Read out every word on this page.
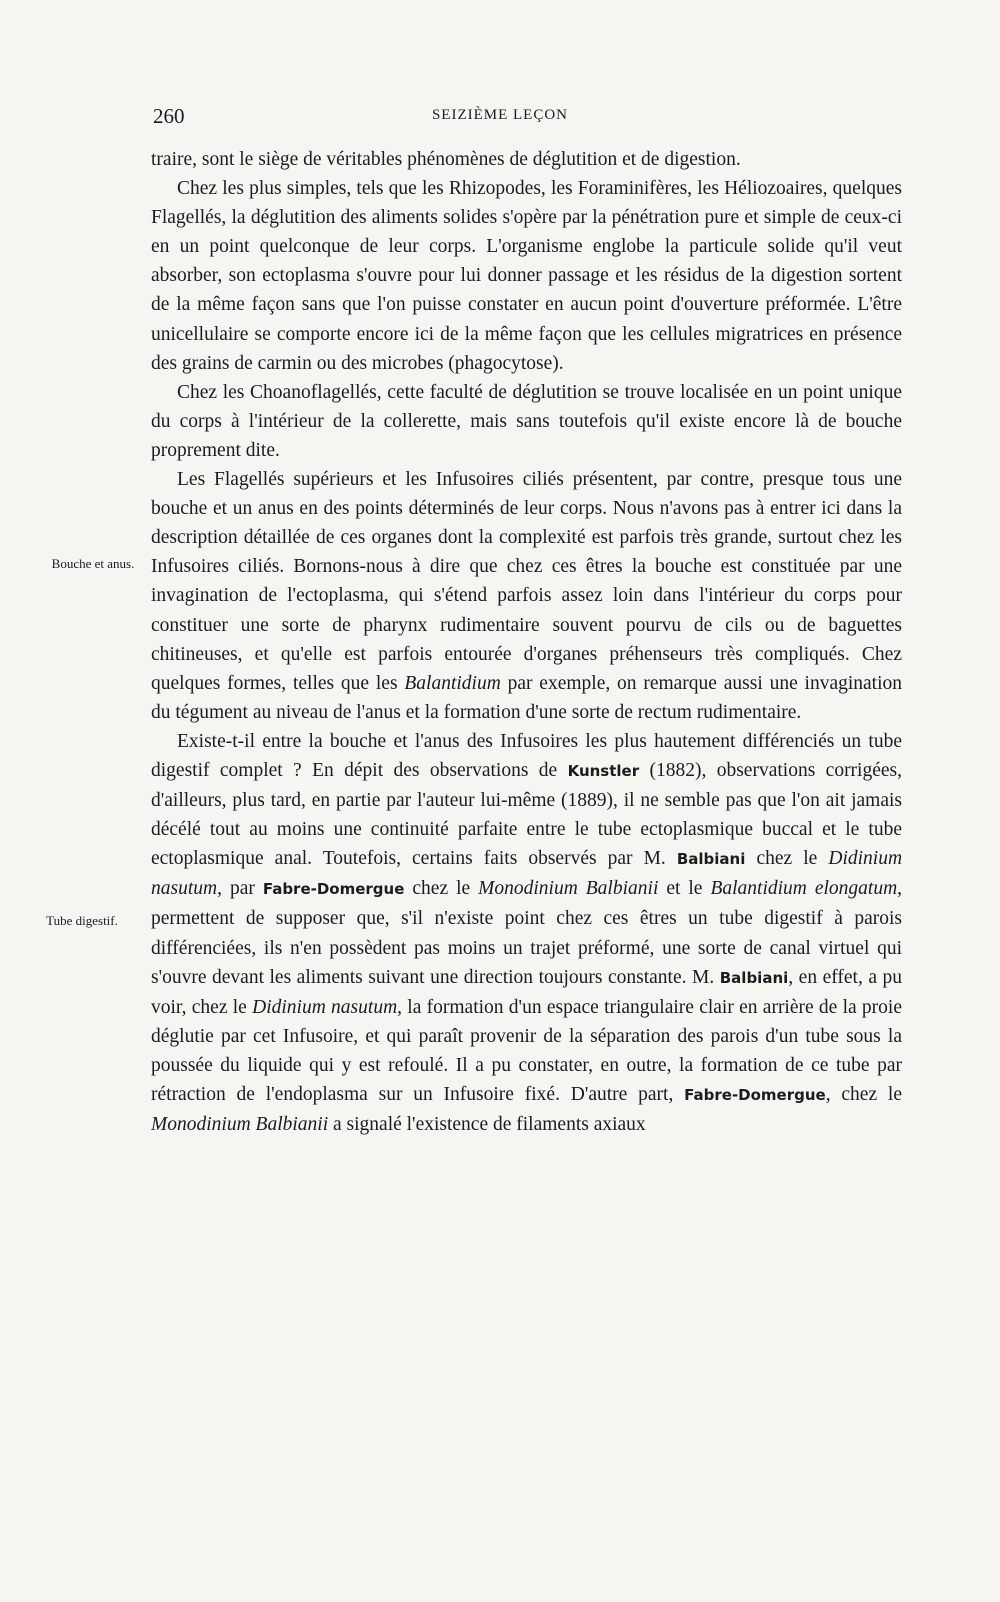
260	SEIZIÈME LEÇON
Bouche et anus.
Tube digestif.

traire, sont le siège de véritables phénomènes de déglutition et de digestion.

Chez les plus simples, tels que les Rhizopodes, les Foraminifères, les Héliozoaires, quelques Flagellés, la déglutition des aliments solides s'opère par la pénétration pure et simple de ceux-ci en un point quelconque de leur corps. L'organisme englobe la particule solide qu'il veut absorber, son ectoplasma s'ouvre pour lui donner passage et les résidus de la digestion sortent de la même façon sans que l'on puisse constater en aucun point d'ouverture préformée. L'être unicellulaire se comporte encore ici de la même façon que les cellules migratrices en présence des grains de carmin ou des microbes (phagocytose).

Chez les Choanoflagellés, cette faculté de déglutition se trouve localisée en un point unique du corps à l'intérieur de la collerette, mais sans toutefois qu'il existe encore là de bouche proprement dite.

Les Flagellés supérieurs et les Infusoires ciliés présentent, par contre, presque tous une bouche et un anus en des points déterminés de leur corps. Nous n'avons pas à entrer ici dans la description détaillée de ces organes dont la complexité est parfois très grande, surtout chez les Infusoires ciliés. Bornons-nous à dire que chez ces êtres la bouche est constituée par une invagination de l'ectoplasma, qui s'étend parfois assez loin dans l'intérieur du corps pour constituer une sorte de pharynx rudimentaire souvent pourvu de cils ou de baguettes chitineuses, et qu'elle est parfois entourée d'organes préhenseurs très compliqués. Chez quelques formes, telles que les Balantidium par exemple, on remarque aussi une invagination du tégument au niveau de l'anus et la formation d'une sorte de rectum rudimentaire.

Existe-t-il entre la bouche et l'anus des Infusoires les plus hautement différenciés un tube digestif complet ? En dépit des observations de Kunstler (1882), observations corrigées, d'ailleurs, plus tard, en partie par l'auteur lui-même (1889), il ne semble pas que l'on ait jamais décélé tout au moins une continuité parfaite entre le tube ectoplasmique buccal et le tube ectoplasmique anal. Toutefois, certains faits observés par M. Balbiani chez le Didinium nasutum, par Fabre-Domergue chez le Monodinium Balbianii et le Balantidium elongatum, permettent de supposer que, s'il n'existe point chez ces êtres un tube digestif à parois différenciées, ils n'en possèdent pas moins un trajet préformé, une sorte de canal virtuel qui s'ouvre devant les aliments suivant une direction toujours constante. M. Balbiani, en effet, a pu voir, chez le Didinium nasutum, la formation d'un espace triangulaire clair en arrière de la proie déglutie par cet Infusoire, et qui paraît provenir de la séparation des parois d'un tube sous la poussée du liquide qui y est refoulé. Il a pu constater, en outre, la formation de ce tube par rétraction de l'endoplasma sur un Infusoire fixé. D'autre part, Fabre-Domergue, chez le Monodinium Balbianii a signalé l'existence de filaments axiaux
